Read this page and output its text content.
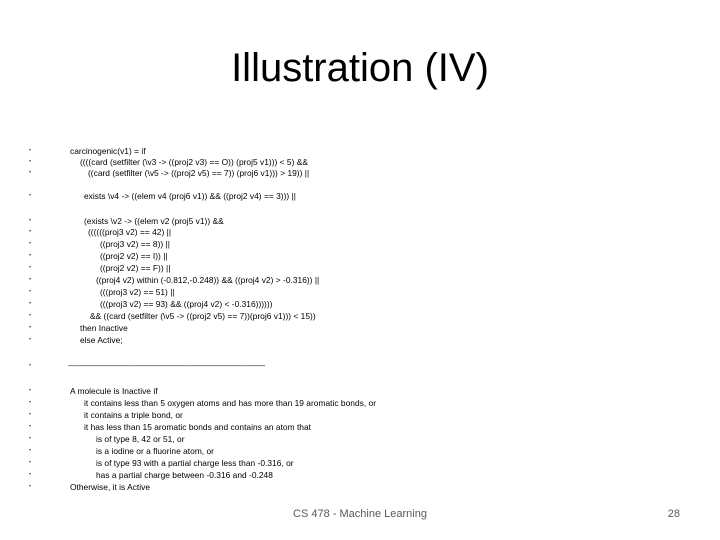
Illustration (IV)

•

	carcinogenic(v1) = if

•

	((((card (setfilter (\v3 -> ((proj2 v3) == O)) (proj5 v1))) < 5) &&

•

	((card (setfilter (\v5 -> ((proj2 v5) == 7)) (proj6 v1))) > 19)) ||

•

	exists \v4 -> ((elem v4 (proj6 v1)) && ((proj2 v4) == 3))) ||

•

	(exists \v2 -> ((elem v2 (proj5 v1)) &&

•

	((((((proj3 v2) == 42) ||

•

	((proj3 v2) == 8)) ||

•

	((proj2 v2) == I)) ||

•

	((proj2 v2) == F)) ||

•

	((proj4 v2) within (-0.812,-0.248)) && ((proj4 v2) > -0.316)) ||

•

	(((proj3 v2) == 51) ||

•

	(((proj3 v2) == 93) && ((proj4 v2) < -0.316))))))

•

	&& ((card (setfilter (\v5 -> ((proj2 v5) == 7))(proj6 v1))) < 15))

•

	then Inactive

•

	else Active;

•

	------------------------------------------------------------------------------------------------------

•

	A molecule is Inactive if

•

	it contains less than 5 oxygen atoms and has more than 19 aromatic bonds, or

•

	it contains a triple bond, or

•

	it has less than 15 aromatic bonds and contains an atom that

•

	is of type 8, 42 or 51, or

•

	is a iodine or a fluorine atom, or

•

	is of type 93 with a partial charge less than -0.316, or

•

	has a partial charge between -0.316 and -0.248

•

	Otherwise, it is Active

CS 478 - Machine Learning	28
